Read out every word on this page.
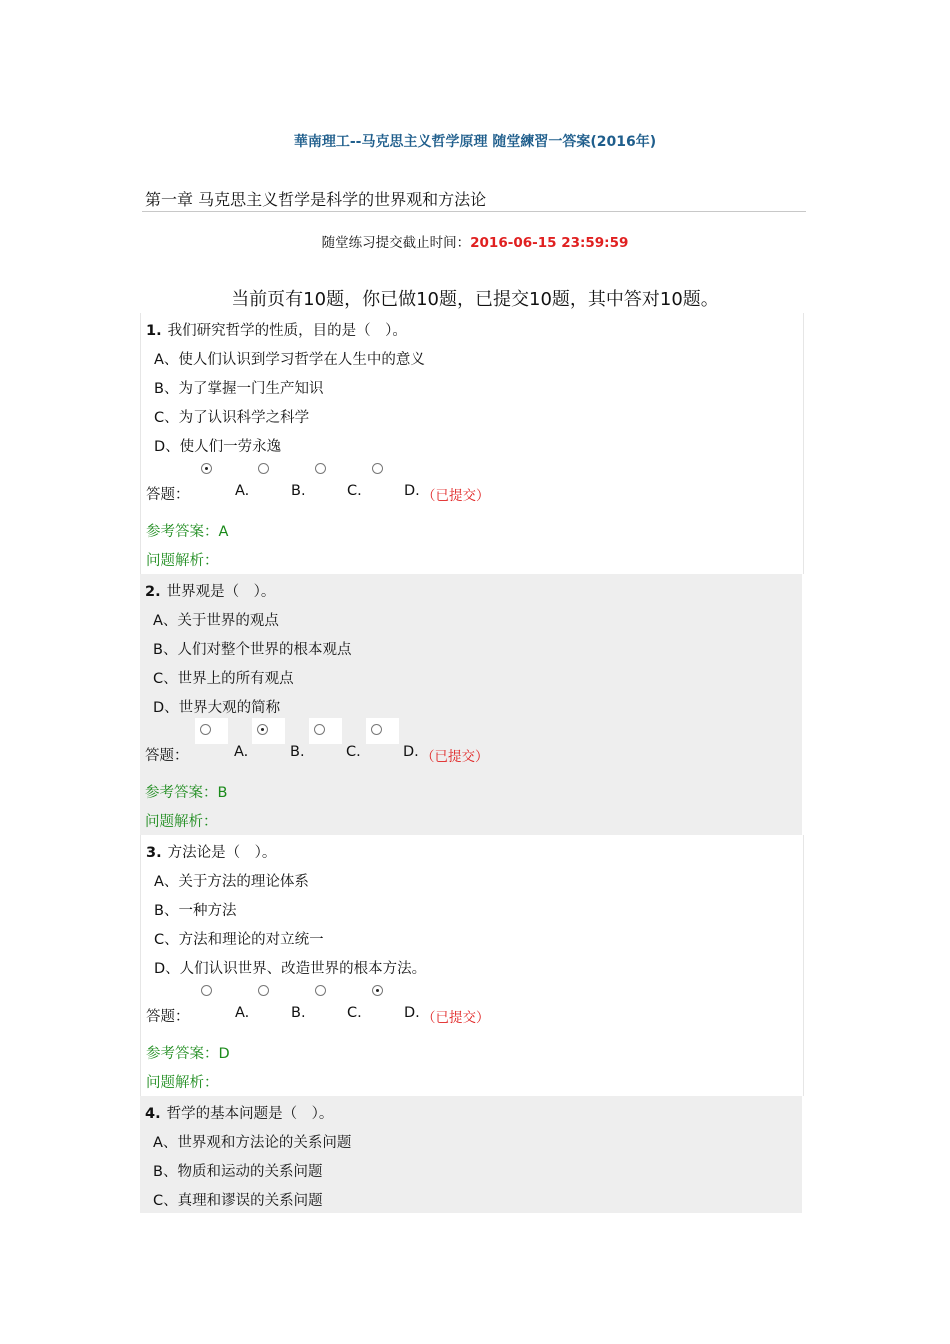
華南理工--马克思主义哲学原理 随堂練習一答案(2016年)
第一章 马克思主义哲学是科学的世界观和方法论
随堂练习提交截止时间：2016-06-15 23:59:59
当前页有10题，你已做10题，已提交10题，其中答对10题。
1. 我们研究哲学的性质，目的是（　）。
A、使人们认识到学习哲学在人生中的意义
B、为了掌握一门生产知识
C、为了认识科学之科学
D、使人们一劳永逸
答题：	A.	B.	C.	D. （已提交）
参考答案：A
问题解析：
2. 世界观是（　）。
A、关于世界的观点
B、人们对整个世界的根本观点
C、世界上的所有观点
D、世界大观的简称
答题：	A.	B.	C.	D. （已提交）
参考答案：B
问题解析：
3. 方法论是（　）。
A、关于方法的理论体系
B、一种方法
C、方法和理论的对立统一
D、人们认识世界、改造世界的根本方法。
答题：	A.	B.	C.	D. （已提交）
参考答案：D
问题解析：
4. 哲学的基本问题是（　）。
A、世界观和方法论的关系问题
B、物质和运动的关系问题
C、真理和谬误的关系问题
